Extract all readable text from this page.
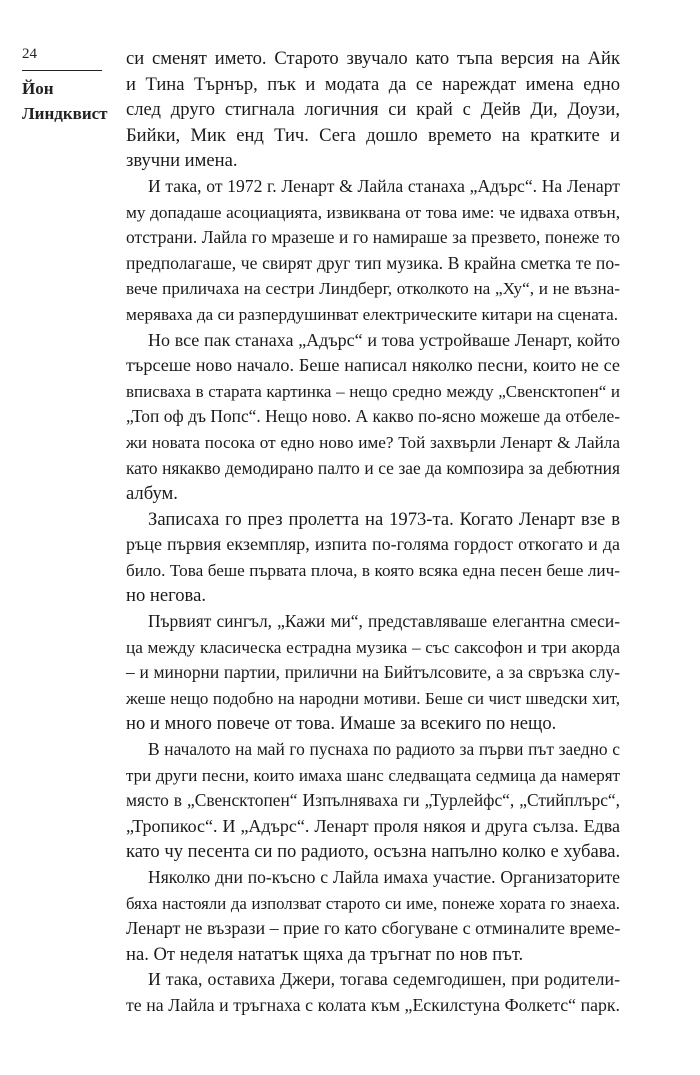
24
Йон
Линдквист
си сменят името. Старото звучало като тъпа версия на Айк
и Тина Търнър, пък и модата да се нареждат имена едно
след друго стигнала логичния си край с Дейв Ди, Доузи,
Бийки, Мик енд Тич. Сега дошло времето на кратките и
звучни имена.
И така, от 1972 г. Ленарт & Лайла станаха „Адърс“. На Ленарт
му допадаше асоциацията, извиквана от това име: че идваха отвън,
отстрани. Лайла го мразеше и го намираше за презвето, понеже то
предполагаше, че свирят друг тип музика. В крайна сметка те по-
вече приличаха на сестри Линдберг, отколкото на „Ху“, и не възна-
меряваха да си разпердушинват електрическите китари на сцената.
Но все пак станаха „Адърс“ и това устройваше Ленарт, който
търсеше ново начало. Беше написал няколко песни, които не се
вписваха в старата картинка – нещо средно между „Свенсктопен“ и
„Топ оф дъ Попс“. Нещо ново. А какво по-ясно можеше да отбеле-
жи новата посока от едно ново име? Той захвърли Ленарт & Лайла
като някакво демодирано палто и се зае да композира за дебютния
албум.
Записаха го през пролетта на 1973-та. Когато Ленарт взе в
ръце първия екземпляр, изпита по-голяма гордост откогато и да
било. Това беше първата плоча, в която всяка една песен беше лич-
но негова.
Първият сингъл, „Кажи ми“, представляваше елегантна смеси-
ца между класическа естрадна музика – със саксофон и три акорда
– и минорни партии, прилични на Бийтълсовите, а за свръзка слу-
жеше нещо подобно на народни мотиви. Беше си чист шведски хит,
но и много повече от това. Имаше за всекиго по нещо.
В началото на май го пуснаха по радиото за първи път заедно с
три други песни, които имаха шанс следващата седмица да намерят
място в „Свенсктопен“ Изпълняваха ги „Турлейфс“, „Стийплърс“,
„Тропикос“. И „Адърс“. Ленарт проля някоя и друга сълза. Едва
като чу песента си по радиото, осъзна напълно колко е хубава.
Няколко дни по-късно с Лайла имаха участие. Организаторите
бяха настояли да използват старото си име, понеже хората го знаеха.
Ленарт не възрази – прие го като сбогуване с отминалите време-
на. От неделя нататък щяха да тръгнат по нов път.
И така, оставиха Джери, тогава седемгодишен, при родители-
те на Лайла и тръгнаха с колата към „Ескилстуна Фолкетс“ парк.
